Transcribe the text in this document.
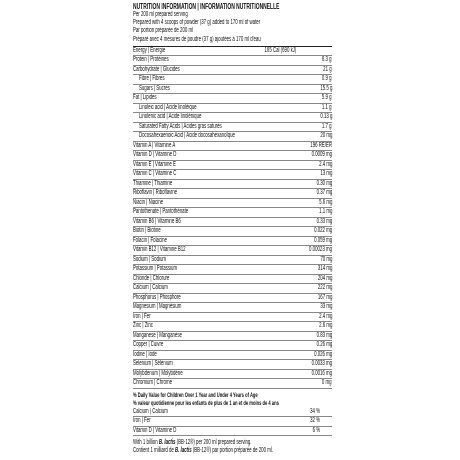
NUTRITION INFORMATION | INFORMATION NUTRITIONNELLE
Per 200 ml prepared serving
Prepared with 4 scoops of powder (37 g) added to 170 ml of water
Par portion préparée de 200 ml
Préparé avec 4 mesures de poudre (37 g) ajoutées à 170 ml d'eau
Energy | Énergie	165 Cal (690 kJ)
Protein | Protéines	6.3 g
Carbohydrate | Glucides	21 g
Fibre | Fibres	0.9 g
Sugars | Sucres	15.5 g
Fat | Lipides	5.9 g
Linoleic acid | Acide linoléique	1.1 g
Linolenic acid | Acide linolénique	0.13 g
Saturated Fatty Acids | Acides gras saturés	1.7 g
Docosahexaenoic Acid | Acide docosahexanoïque	20 mg
Vitamin A | Vitamine A	196 RE/ER
Vitamin D | Vitamine D	0.0009 mg
Vitamin E | Vitamine E	2.4 mg
Vitamin C | Vitamine C	13 mg
Thiamine | Thiamine	0.30 mg
Riboflavin | Riboflavine	0.37 mg
Niacin | Niacine	5.6 mg
Pantothenate | Pantothénate	1.1 mg
Vitamin B6 | Vitamine B6	0.33 mg
Biotin | Biotine	0.022 mg
Folacin | Folacine	0.059 mg
Vitamin B12 | Vitamine B12	0.00023 mg
Sodium | Sodium	70 mg
Potassium | Potassium	314 mg
Chloride | Chlorure	204 mg
Calcium | Calcium	222 mg
Phosphorus | Phosphore	167 mg
Magnesium | Magnésium	33 mg
Iron | Fer	2.4 mg
Zinc | Zinc	2.6 mg
Manganese | Manganèse	0.83 mg
Copper | Cuivre	0.26 mg
Iodine | Iode	0.026 mg
Selenium | Sélénium	0.0033 mg
Molybdenum | Molybdène	0.0016 mg
Chromium | Chrome	0 mg
% Daily Value for Children Over 1 Year and Under 4 Years of Age
% valeur quotidienne pour les enfants de plus de 1 an et de moins de 4 ans
Calcium | Calcium	34 %
Iron | Fer	32 %
Vitamin D | Vitamine D	6 %
With 1 billion B. lactis (BB-12®) per 200 ml prepared serving.
Contient 1 milliard de B. lactis (BB-12®) par portion préparée de 200 ml.
